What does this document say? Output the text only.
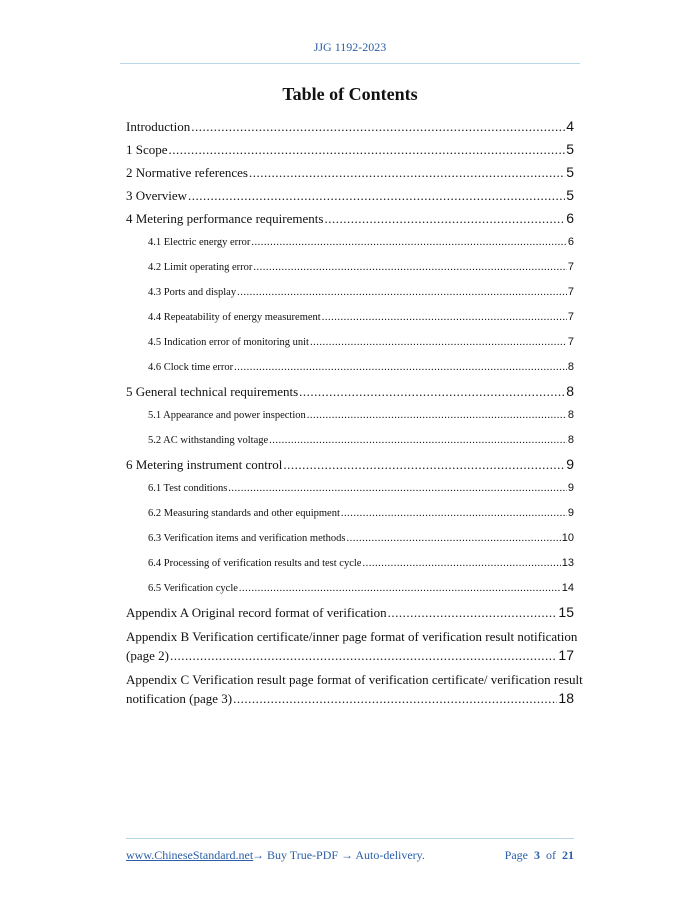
JJG 1192-2023
Table of Contents
Introduction .....	4
1 Scope .....	5
2 Normative references .....	5
3 Overview .....	5
4 Metering performance requirements .....	6
4.1 Electric energy error .....	6
4.2 Limit operating error .....	7
4.3 Ports and display .....	7
4.4 Repeatability of energy measurement .....	7
4.5 Indication error of monitoring unit .....	7
4.6 Clock time error .....	8
5 General technical requirements .....	8
5.1 Appearance and power inspection .....	8
5.2 AC withstanding voltage .....	8
6 Metering instrument control .....	9
6.1 Test conditions .....	9
6.2 Measuring standards and other equipment .....	9
6.3 Verification items and verification methods .....	10
6.4 Processing of verification results and test cycle .....	13
6.5 Verification cycle .....	14
Appendix A Original record format of verification .....	15
Appendix B Verification certificate/inner page format of verification result notification
(page 2) .....	17
Appendix C Verification result page format of verification certificate/ verification result
notification (page 3) .....	18
www.ChineseStandard.net
→ Buy True-PDF → Auto-delivery.	Page 3 of 21
